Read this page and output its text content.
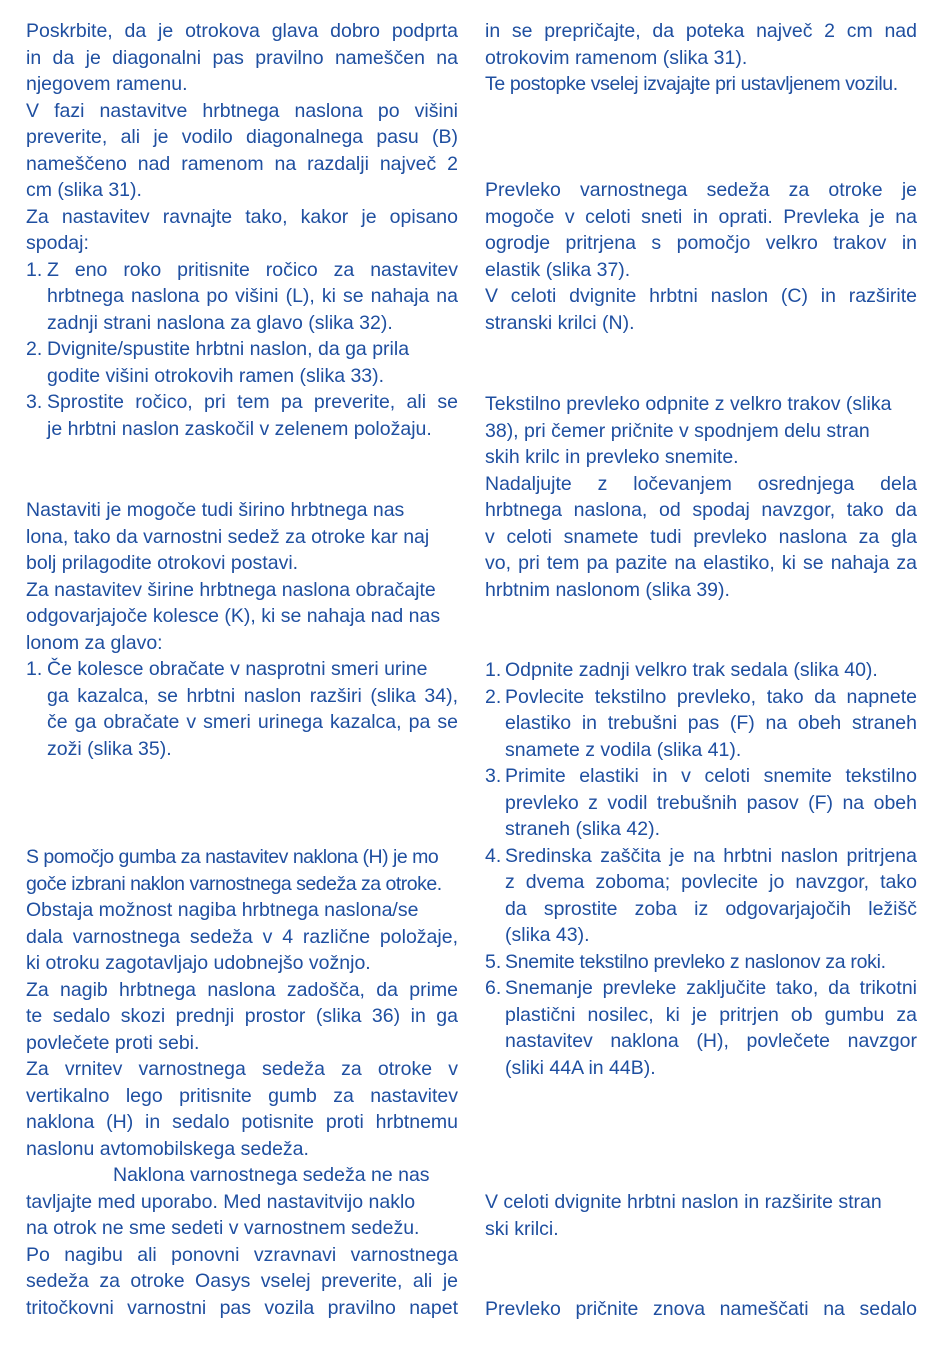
Poskrbite, da je otrokova glava dobro podprta
in da je diagonalni pas pravilno nameščen na
njegovem ramenu.
V fazi nastavitve hrbtnega naslona po višini
preverite, ali je vodilo diagonalnega pasu (B)
nameščeno nad ramenom na razdalji največ 2
cm (slika 31).
Za nastavitev ravnajte tako, kakor je opisano
spodaj:
1. Z eno roko pritisnite ročico za nastavitev
hrbtnega naslona po višini (L), ki se nahaja na
zadnji strani naslona za glavo (slika 32).
2. Dvignite/spustite hrbtni naslon, da ga prila
godite višini otrokovih ramen (slika 33).
3. Sprostite ročico, pri tem pa preverite, ali se
je hrbtni naslon zaskočil v zelenem položaju.
Nastaviti je mogoče tudi širino hrbtnega nas
lona, tako da varnostni sedež za otroke kar naj
bolj prilagodite otrokovi postavi.
Za nastavitev širine hrbtnega naslona obračajte
odgovarjajoče kolesce (K), ki se nahaja nad nas
lonom za glavo:
1. Če kolesce obračate v nasprotni smeri urine
ga kazalca, se hrbtni naslon razširi (slika 34),
če ga obračate v smeri urinega kazalca, pa se
zoži (slika 35).
S pomočjo gumba za nastavitev naklona (H) je mo
goče izbrani naklon varnostnega sedeža za otroke.
Obstaja možnost nagiba hrbtnega naslona/se
dala varnostnega sedeža v 4 različne položaje,
ki otroku zagotavljajo udobnejšo vožnjo.
Za nagib hrbtnega naslona zadošča, da prime
te sedalo skozi prednji prostor (slika 36) in ga
povlečete proti sebi.
Za vrnitev varnostnega sedeža za otroke v
vertikalno lego pritisnite gumb za nastavitev
naklona (H) in sedalo potisnite proti hrbtnemu
naslonu avtomobilskega sedeža.
Naklona varnostnega sedeža ne nas
tavljajte med uporabo. Med nastavitvijo naklo
na otrok ne sme sedeti v varnostnem sedežu.
Po nagibu ali ponovni vzravnavi varnostnega
sedeža za otroke Oasys vselej preverite, ali je
tritočkovni varnostni pas vozila pravilno napet
in se prepričajte, da poteka največ 2 cm nad
otrokovim ramenom (slika 31).
Te postopke vselej izvajajte pri ustavljenem vozilu.
Prevleko varnostnega sedeža za otroke je
mogoče v celoti sneti in oprati. Prevleka je na
ogrodje pritrjena s pomočjo velkro trakov in
elastik (slika 37).
V celoti dvignite hrbtni naslon (C) in razširite
stranski krilci (N).
Tekstilno prevleko odpnite z velkro trakov (slika
38), pri čemer pričnite v spodnjem delu stran
skih krilc in prevleko snemite.
Nadaljujte z ločevanjem osrednjega dela
hrbtnega naslona, od spodaj navzgor, tako da
v celoti snamete tudi prevleko naslona za gla
vo, pri tem pa pazite na elastiko, ki se nahaja za
hrbtnim naslonom (slika 39).
1. Odpnite zadnji velkro trak sedala (slika 40).
2. Povlecite tekstilno prevleko, tako da napnete
elastiko in trebušni pas (F) na obeh straneh
snamete z vodila (slika 41).
3. Primite elastiki in v celoti snemite tekstilno
prevleko z vodil trebušnih pasov (F) na obeh
straneh (slika 42).
4. Sredinska zaščita je na hrbtni naslon pritrjena
z dvema zoboma; povlecite jo navzgor, tako
da sprostite zoba iz odgovarjajočih ležišč
(slika 43).
5. Snemite tekstilno prevleko z naslonov za roki.
6. Snemanje prevleke zaključite tako, da trikotni
plastični nosilec, ki je pritrjen ob gumbu za
nastavitev naklona (H), povlečete navzgor
(sliki 44A in 44B).
V celoti dvignite hrbtni naslon in razširite stran
ski krilci.
Prevleko pričnite znova nameščati na sedalo
